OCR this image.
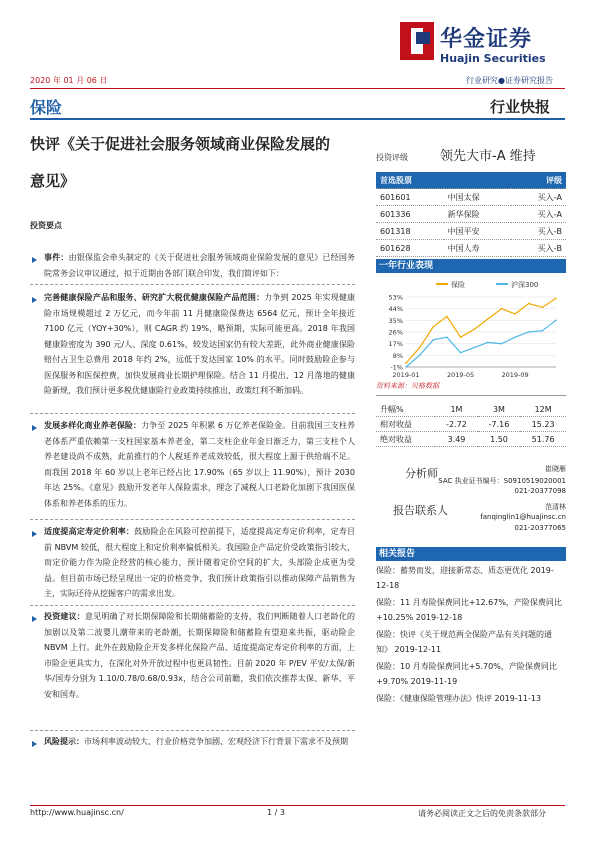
华金证券
Huajin Securities
2020 年 01 月 06 日	行业研究●证券研究报告
保险	行业快报
快评《关于促进社会服务领域商业保险发展的
意见》
投资要点
事件：由银保监会牵头制定的《关于促进社会服务领域商业保险发展的意见》已经国务院常务会议审议通过，拟于近期由各部门联合印发，我们简评如下：
完善健康保险产品和服务、研究扩大税优健康保险产品范围：力争到 2025 年实现健康险市场规模超过 2 万亿元，而今年前 11 月健康险保费达 6564 亿元，预计全年接近 7100 亿元（YOY+30%），则 CAGR 约 19%，略预期，实际可能更高。2018 年我国健康险密度为 390 元/人、深度 0.61%，较发达国家仍有较大差距，此外商业健康保险赔付占卫生总费用 2018 年约 2%，远低于发达国家 10% 的水平。同时鼓励险企参与医保服务和医保控费，加快发展商业长期护理保险。结合 11 月提出、12 月落地的健康险新规，我们预计更多税优健康险行业政策持续推出，政策红利不断加码。
发展多样化商业养老保险：力争至 2025 年积累 6 万亿养老保险金。目前我国三支柱养老体系严重依赖第一支柱国家基本养老金，第二支柱企业年金日渐乏力，第三支柱个人养老建设尚不成熟，此前推行的个人税延养老成效较低，很大程度上源于供给端不足。而我国 2018 年 60 岁以上老年已经占比 17.90%（65 岁以上 11.90%），预计 2030 年达 25%。《意见》鼓励开发老年人保险需求，理念了减税人口老龄化加剧下我国医保体系和养老体系的压力。
适度提高定寿定价利率：鼓励险企在风险可控前提下，适度提高定寿定价利率，定寿目前 NBVM 较低，很大程度上和定价利率偏低相关。我国险企产品定价受政策指引较大，而定价能力作为险企经营的核心能力，预计随着定价空间的扩大，头部险企成更为受益。但目前市场已经呈现出一定的价格竞争，我们预计政策指引以推动保障产品销售为主，实际还待从挖掘客户的需求出发。
投资建议：意见明确了对长期保障险和长期储蓄险的支持，我们判断随着人口老龄化的加剧以及第二波婴儿潮带来的老龄潮，长期保障险和储蓄险有望迎来共振，驱动险企 NBVM 上行。此外在鼓励险企开发多样化保险产品、适度提高定寿定价利率的方面，上市险企更具实力，在深化对外开放过程中也更具韧性。目前 2020 年 P/EV 平安/太保/新华/国寿分别为 1.10/0.78/0.68/0.93x，结合公司前瞻，我们依次推荐太保、新华、平安和国寿。
风险提示：市场利率波动较大、行业价格竞争加剧、宏观经济下行背景下需求不及预期
投资评级 领先大市-A 维持
首选股票		评级
601601	中国太保	买入-A
601336	新华保险	买入-A
601318	中国平安	买入-B
601628	中国人寿	买入-B
一年行业表现
保险	沪深300
53%
44%
35%
26%
17%
8%
-1%
2019-01	2019-05	2019-09
资料来源：贝格数据
升幅%	1M	3M	12M
相对收益	-2.72	-7.16	15.23
绝对收益	3.49	1.50	51.76
分析师	崔晓雁
SAC 执业证书编号：S0910519020001
021-20377098
报告联系人	范清林
fanqinglin1@huajinsc.cn
021-20377065
相关报告
保险：蓄势而发，迎接新常态、质态更优化 2019-12-18
保险：11 月寿险保费同比+12.67%，产险保费同比+10.25% 2019-12-18
保险：快评《关于规范两全保险产品有关问题的通知》 2019-12-11
保险：10 月寿险保费同比+5.70%，产险保费同比+9.70% 2019-11-19
保险：《健康保险管理办法》快评 2019-11-13
http://www.huajinsc.cn/	1 / 3	请务必阅读正文之后的免责条款部分
